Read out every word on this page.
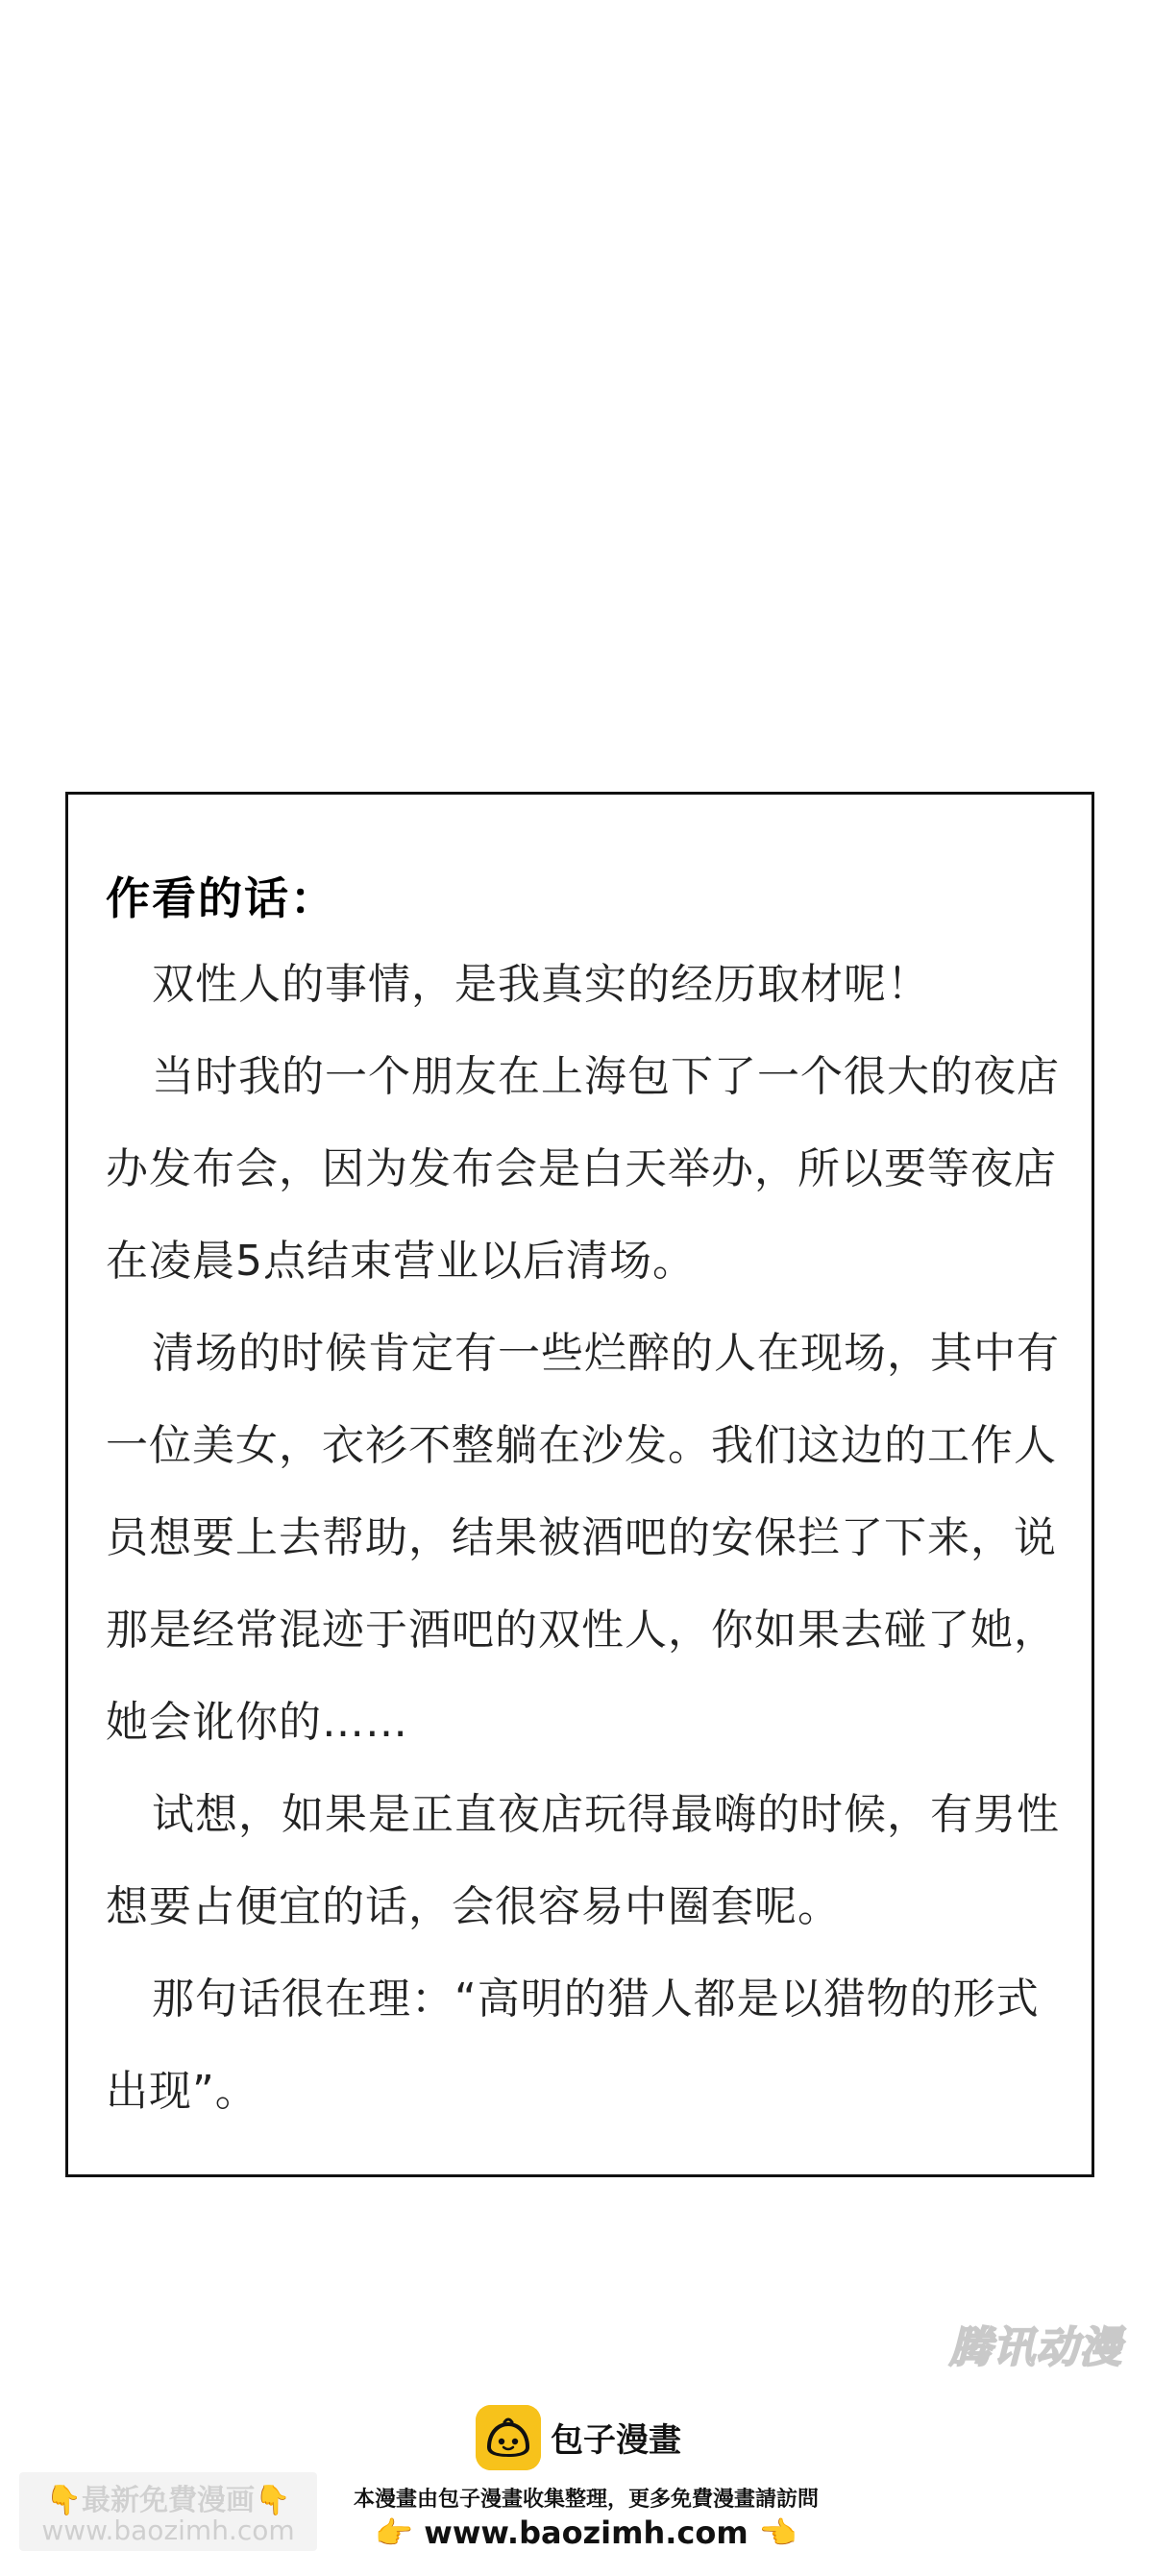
作看的话：

双性人的事情，是我真实的经历取材呢！

当时我的一个朋友在上海包下了一个很大的夜店办发布会，因为发布会是白天举办，所以要等夜店在凌晨5点结束营业以后清场。

清场的时候肯定有一些烂醉的人在现场，其中有一位美女，衣衫不整躺在沙发。我们这边的工作人员想要上去帮助，结果被酒吧的安保拦了下来，说那是经常混迹于酒吧的双性人，你如果去碰了她，她会讹你的……

试想，如果是正直夜店玩得最嗨的时候，有男性想要占便宜的话，会很容易中圈套呢。

那句话很在理：“高明的猎人都是以猎物的形式出现”。

腾讯动漫
包子漫畫
👇最新免費漫画👇
www.baozimh.com
本漫畫由包子漫畫收集整理，更多免費漫畫請訪問
👉 www.baozimh.com 👈
